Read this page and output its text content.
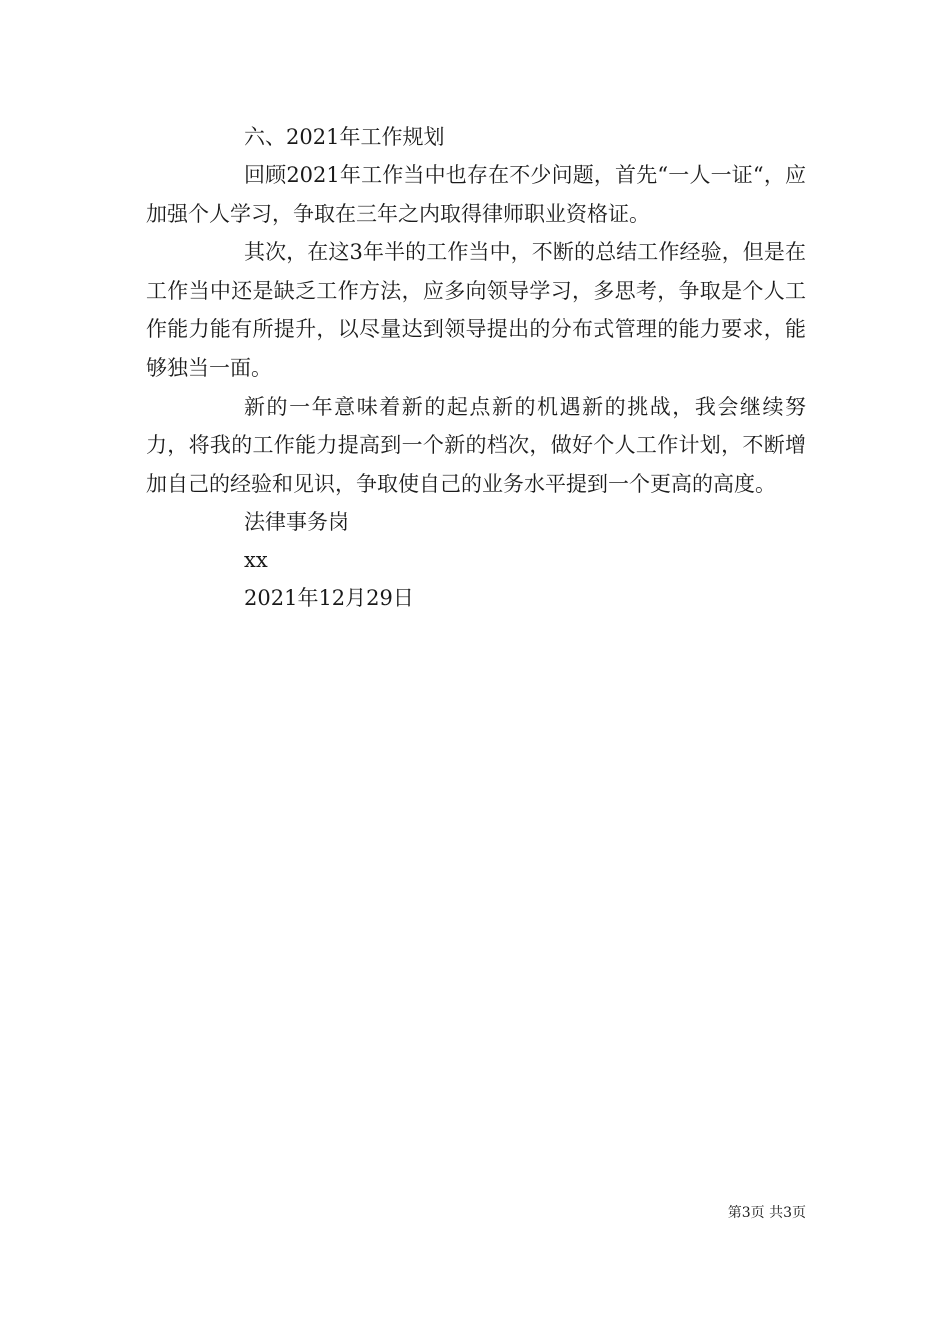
六、2021年工作规划

回顾2021年工作当中也存在不少问题，首先“一人一证“，应加强个人学习，争取在三年之内取得律师职业资格证。

其次，在这3年半的工作当中，不断的总结工作经验，但是在工作当中还是缺乏工作方法，应多向领导学习，多思考，争取是个人工作能力能有所提升，以尽量达到领导提出的分布式管理的能力要求，能够独当一面。

新的一年意味着新的起点新的机遇新的挑战，我会继续努力，将我的工作能力提高到一个新的档次，做好个人工作计划，不断增加自己的经验和见识，争取使自己的业务水平提到一个更高的高度。

法律事务岗
xx
2021年12月29日
第3页 共3页
